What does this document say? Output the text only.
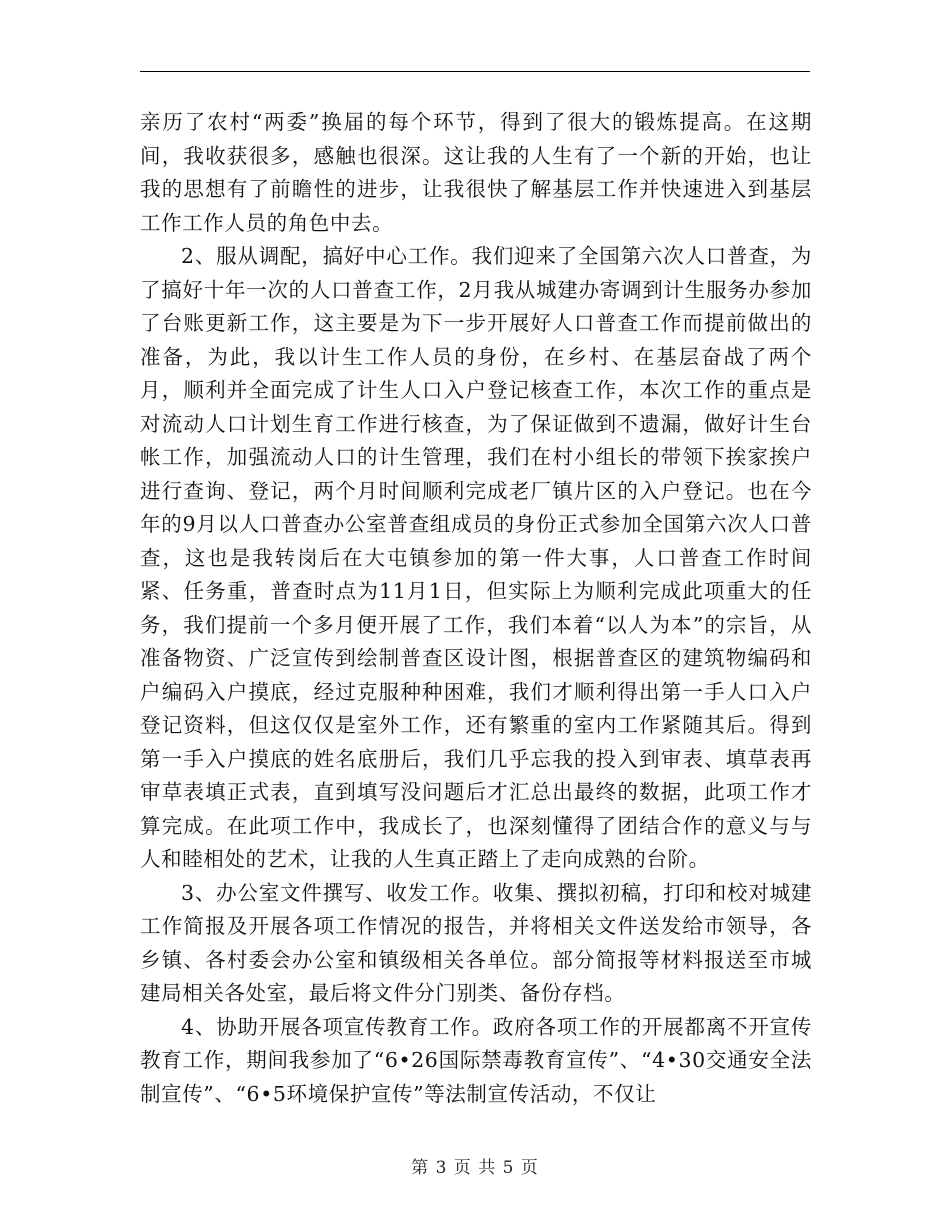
亲历了农村“两委”换届的每个环节，得到了很大的锻炼提高。在这期间，我收获很多，感触也很深。这让我的人生有了一个新的开始，也让我的思想有了前瞻性的进步，让我很快了解基层工作并快速进入到基层工作工作人员的角色中去。

2、服从调配，搞好中心工作。我们迎来了全国第六次人口普查，为了搞好十年一次的人口普查工作，2月我从城建办寄调到计生服务办参加了台账更新工作，这主要是为下一步开展好人口普查工作而提前做出的准备，为此，我以计生工作人员的身份，在乡村、在基层奋战了两个月，顺利并全面完成了计生人口入户登记核查工作，本次工作的重点是对流动人口计划生育工作进行核查，为了保证做到不遗漏，做好计生台帐工作，加强流动人口的计生管理，我们在村小组长的带领下挨家挨户进行查询、登记，两个月时间顺利完成老厂镇片区的入户登记。也在今年的9月以人口普查办公室普查组成员的身份正式参加全国第六次人口普查，这也是我转岗后在大屯镇参加的第一件大事，人口普查工作时间紧、任务重，普查时点为11月1日，但实际上为顺利完成此项重大的任务，我们提前一个多月便开展了工作，我们本着“以人为本”的宗旨，从准备物资、广泛宣传到绘制普查区设计图，根据普查区的建筑物编码和户编码入户摸底，经过克服种种困难，我们才顺利得出第一手人口入户登记资料，但这仅仅是室外工作，还有繁重的室内工作紧随其后。得到第一手入户摸底的姓名底册后，我们几乎忘我的投入到审表、填草表再审草表填正式表，直到填写没问题后才汇总出最终的数据，此项工作才算完成。在此项工作中，我成长了，也深刻懂得了团结合作的意义与与人和睦相处的艺术，让我的人生真正踏上了走向成熟的台阶。

3、办公室文件撰写、收发工作。收集、撰拟初稿，打印和校对城建工作简报及开展各项工作情况的报告，并将相关文件送发给市领导，各乡镇、各村委会办公室和镇级相关各单位。部分简报等材料报送至市城建局相关各处室，最后将文件分门别类、备份存档。

4、协助开展各项宣传教育工作。政府各项工作的开展都离不开宣传教育工作，期间我参加了“6•26国际禁毒教育宣传”、“4•30交通安全法制宣传”、“6•5环境保护宣传”等法制宣传活动，不仅让

第 3 页 共 5 页
